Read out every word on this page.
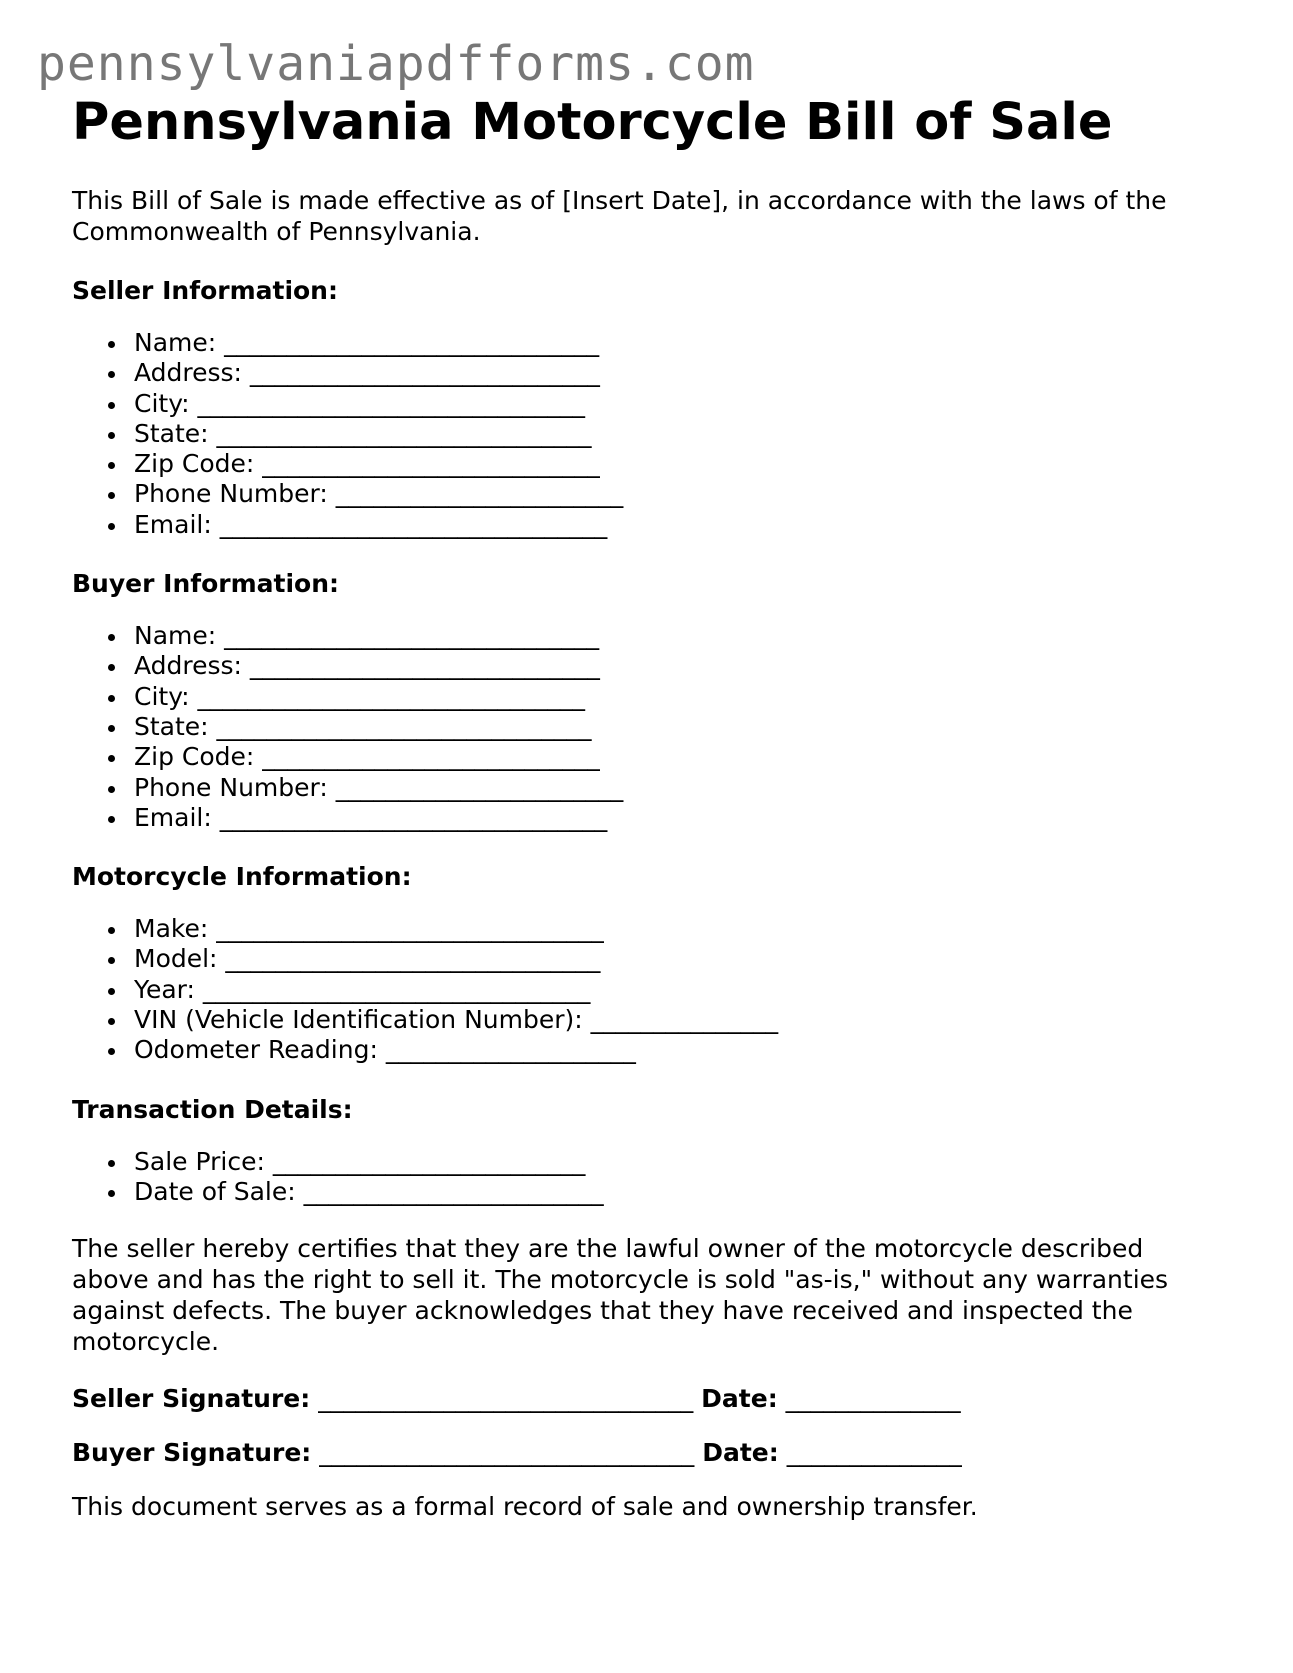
pennsylvaniapdfforms.com
Pennsylvania Motorcycle Bill of Sale

This Bill of Sale is made effective as of [Insert Date], in accordance with the laws of the Commonwealth of Pennsylvania.

Seller Information:
Name: ______________________________
Address: ____________________________
City: _______________________________
State: ______________________________
Zip Code: ___________________________
Phone Number: _______________________
Email: _______________________________
Buyer Information:
Name: ______________________________
Address: ____________________________
City: _______________________________
State: ______________________________
Zip Code: ___________________________
Phone Number: _______________________
Email: _______________________________
Motorcycle Information:
Make: _______________________________
Model: ______________________________
Year: _______________________________
VIN (Vehicle Identification Number): _______________
Odometer Reading: ____________________
Transaction Details:
Sale Price: _________________________
Date of Sale: ________________________

The seller hereby certifies that they are the lawful owner of the motorcycle described above and has the right to sell it. The motorcycle is sold "as-is," without any warranties against defects. The buyer acknowledges that they have received and inspected the motorcycle.

Seller Signature: ______________________________ Date: ______________
Buyer Signature: ______________________________ Date: ______________

This document serves as a formal record of sale and ownership transfer.
